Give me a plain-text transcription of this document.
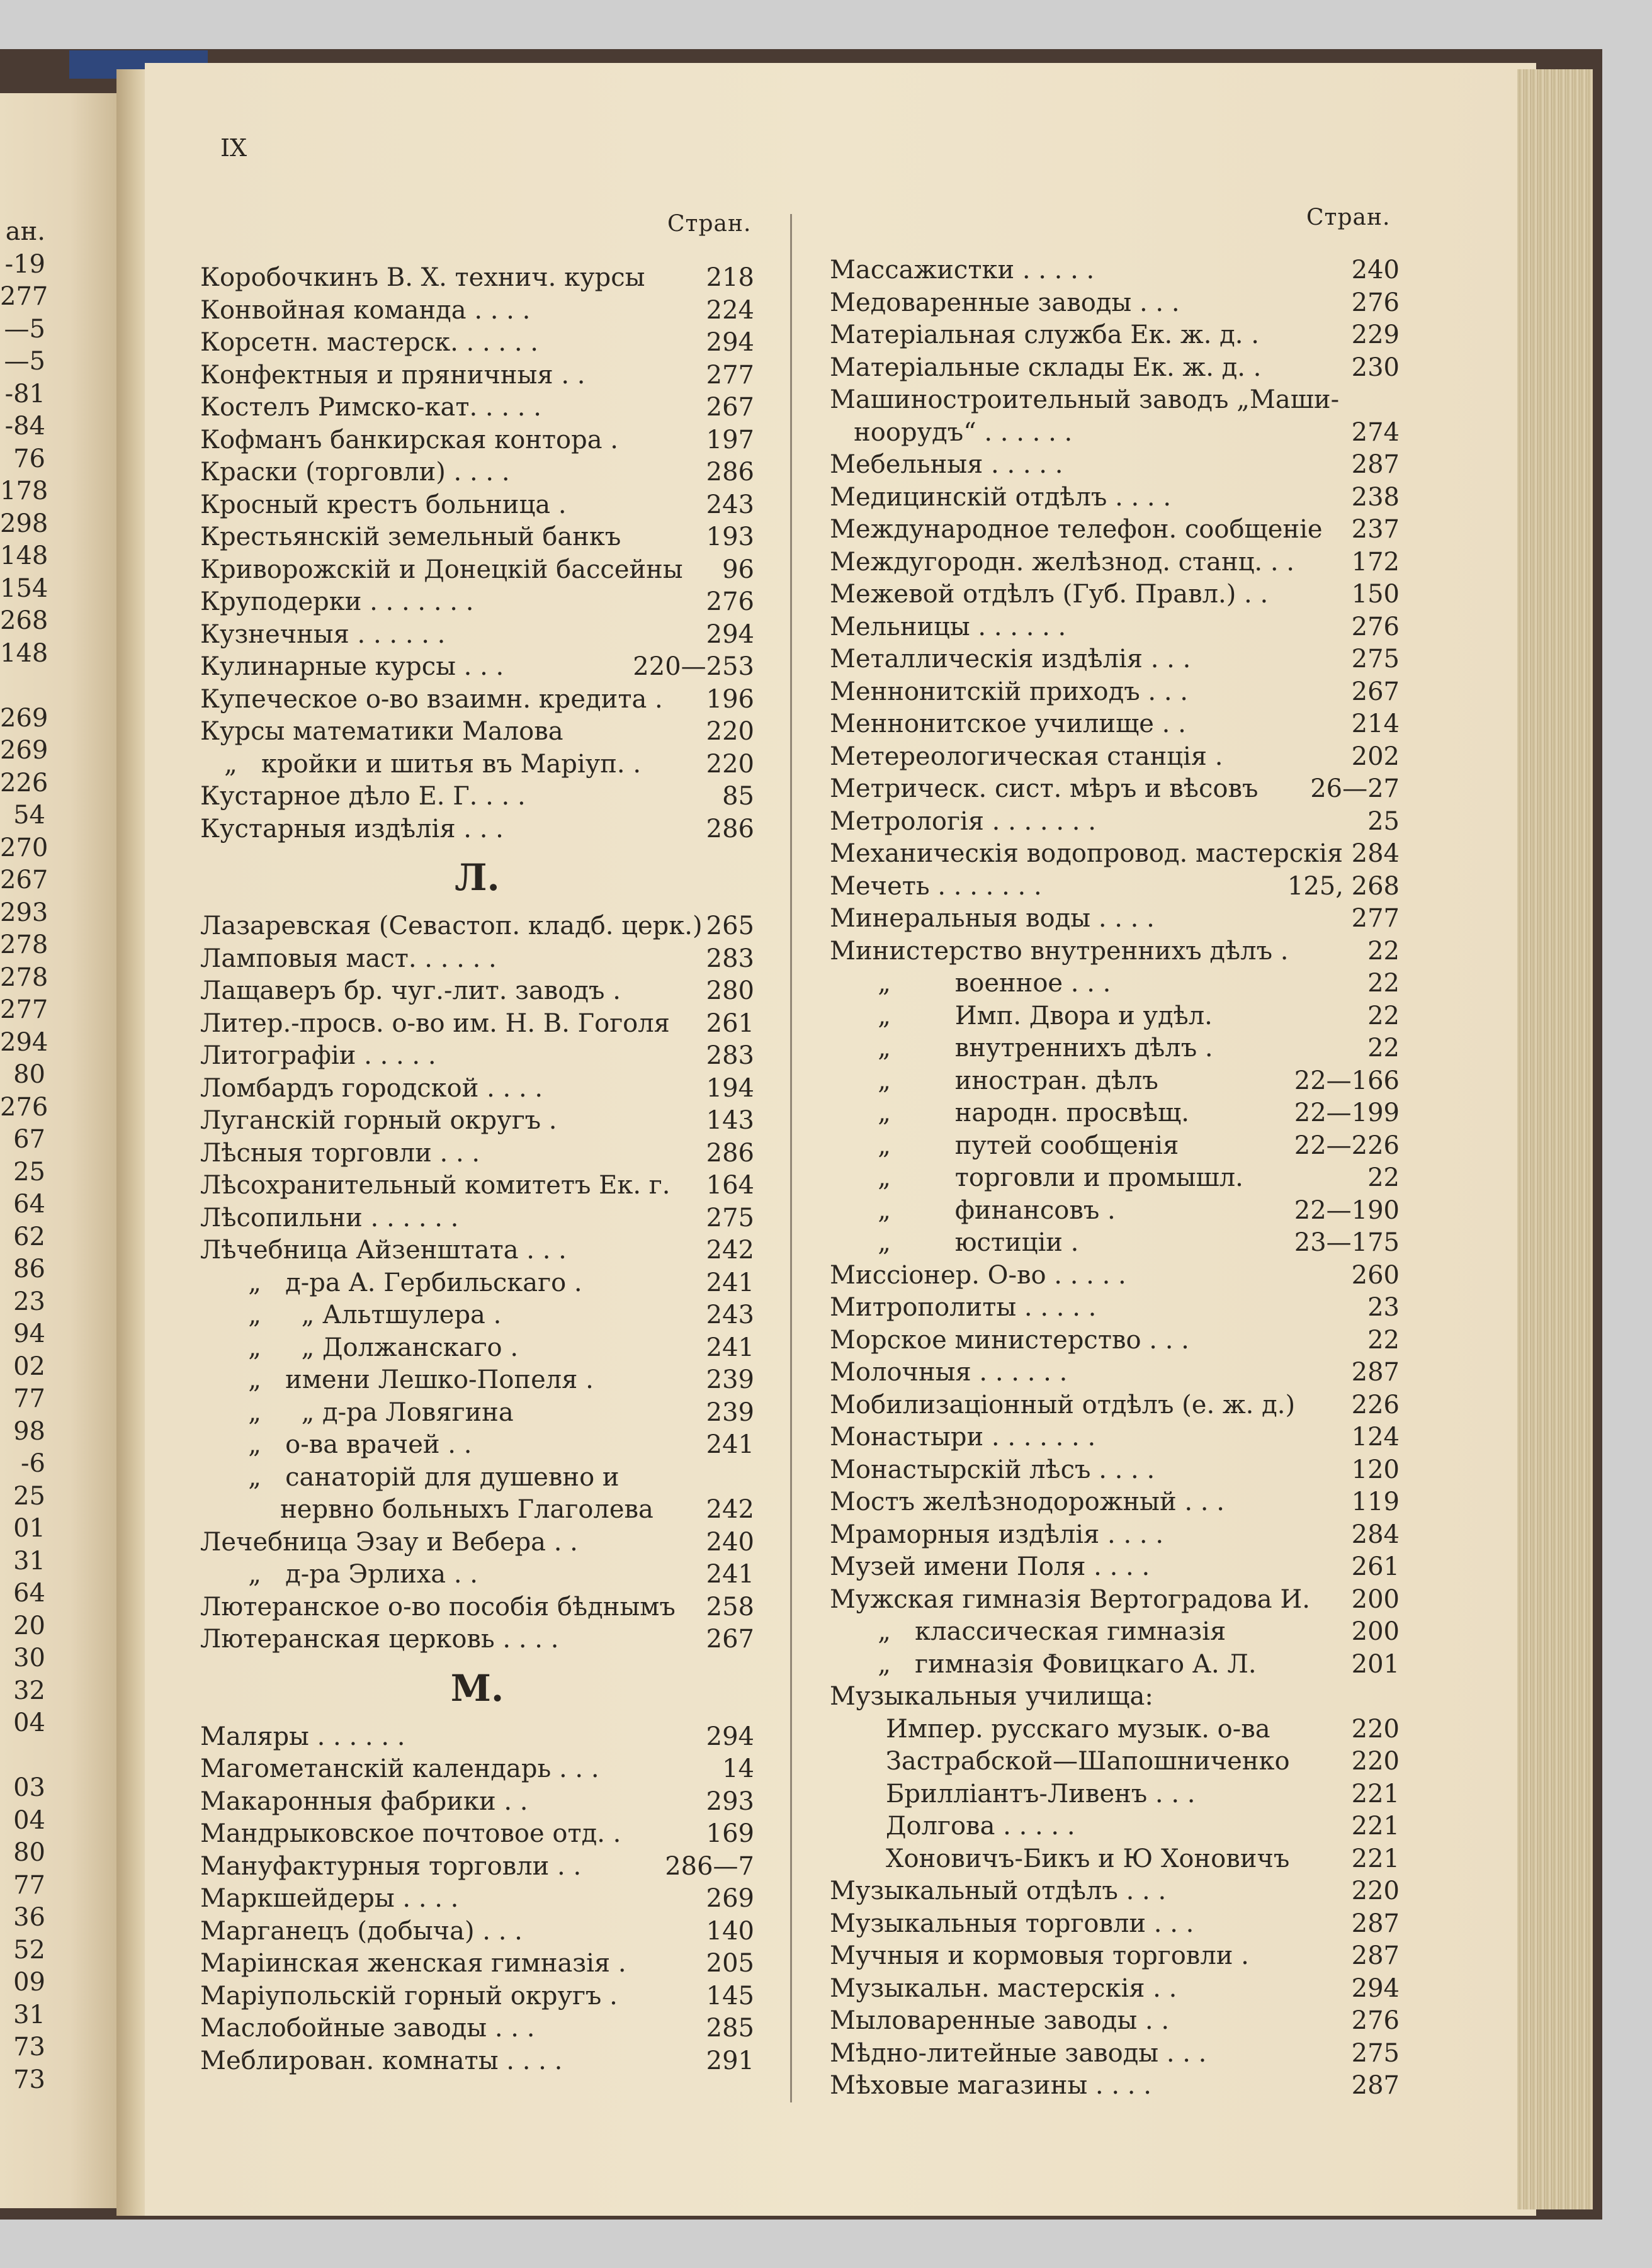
ан.
-19
277
—5
—5
-81
-84
76
178
298
148
154
268
148
269
269
226
54
270
267
293
278
278
277
294
80
276
67
25
64
62
86
23
94
02
77
98
-6
25
01
31
64
20
30
32
04
03
04
80
77
36
52
09
31
73
73
IX
Стран.	Стран.
Коробочкинъ В. Х. технич. курсы	218
Конвойная команда . . . .	224
Корсетн. мастерск. . . . . .	294
Конфектныя и пряничныя . .	277
Костелъ Римско-кат. . . . .	267
Кофманъ банкирская контора .	197
Краски (торговли) . . . .	286
Кросный крестъ больница .	243
Крестьянскій земельный банкъ	193
Криворожскій и Донецкій бассейны	96
Круподерки . . . . . . .	276
Кузнечныя . . . . . .	294
Кулинарные курсы . . .	220—253
Купеческое о-во взаимн. кредита .	196
Курсы математики Малова	220
„   кройки и шитья въ Маріуп. .	220
Кустарное дѣло Е. Г. . . .	85
Кустарныя издѣлія . . .	286
Л.
Лазаревская (Севастоп. кладб. церк.) 265
Ламповыя маст. . . . . .	283
Лащаверъ бр. чуг.-лит. заводъ .	280
Литер.-просв. о-во им. Н. В. Гоголя	261
Литографіи . . . . .	283
Ломбардъ городской . . . .	194
Луганскій горный округъ .	143
Лѣсныя торговли . . .	286
Лѣсохранительный комитетъ Ек. г.	164
Лѣсопильни . . . . . .	275
Лѣчебница Айзенштата . . .	242
„   д-ра А. Гербильскаго .	241
„     „ Альтшулера .	243
„     „ Должанскаго .	241
„   имени Лешко-Попеля .	239
„     „ д-ра Ловягина	239
„   о-ва врачей . .	241
„   санаторій для душевно и
нервно больныхъ Глаголева	242
Лечебница Эзау и Вебера . .	240
„   д-ра Эрлиха . .	241
Лютеранское о-во пособія бѣднымъ	258
Лютеранская церковь . . . .	267
М.
Маляры . . . . . .	294
Магометанскій календарь . . .	14
Макаронныя фабрики . .	293
Мандрыковское почтовое отд. .	169
Мануфактурныя торговли . .	286—7
Маркшейдеры . . . .	269
Марганецъ (добыча) . . .	140
Маріинская женская гимназія .	205
Маріупольскій горный округъ .	145
Маслобойные заводы . . .	285
Меблирован. комнаты . . . .	291
Массажистки . . . . .	240
Медоваренные заводы . . .	276
Матеріальная служба Ек. ж. д. .	229
Матеріальные склады Ек. ж. д. .	230
Машиностроительный заводъ „Маши-
ноорудъ“ . . . . . .	274
Мебельныя . . . . .	287
Медицинскій отдѣлъ . . . .	238
Международное телефон. сообщеніе	237
Междугородн. желѣзнод. станц. . .	172
Межевой отдѣлъ (Губ. Правл.) . .	150
Мельницы . . . . . .	276
Металлическія издѣлія . . .	275
Меннонитскій приходъ . . .	267
Меннонитское училище . .	214
Метереологическая станція .	202
Метрическ. сист. мѣръ и вѣсовъ	26—27
Метрологія . . . . . . .	25
Механическія водопровод. мастерскія 284
Мечеть . . . . . . .	125, 268
Минеральныя воды . . . .	277
Министерство внутреннихъ дѣлъ .	22
„        военное . . .	22
„        Имп. Двора и удѣл.	22
„        внутреннихъ дѣлъ .	22
„        иностран. дѣлъ	22—166
„        народн. просвѣщ.	22—199
„        путей сообщенія	22—226
„        торговли и промышл.	22
„        финансовъ .	22—190
„        юстиціи .	23—175
Миссіонер. О-во . . . . .	260
Митрополиты . . . . .	23
Морское министерство . . .	22
Молочныя . . . . . .	287
Мобилизаціонный отдѣлъ (е. ж. д.)	226
Монастыри . . . . . . .	124
Монастырскій лѣсъ . . . .	120
Мостъ желѣзнодорожный . . .	119
Мраморныя издѣлія . . . .	284
Музей имени Поля . . . .	261
Мужская гимназія Вертоградова И.	200
„   классическая гимназія	200
„   гимназія Фовицкаго А. Л.	201
Музыкальныя училища:
Импер. русскаго музык. о-ва	220
Застрабской—Шапошниченко	220
Бриллiантъ-Ливенъ . . .	221
Долгова . . . . .	221
Хоновичъ-Бикъ и Ю Хоновичъ	221
Музыкальный отдѣлъ . . .	220
Музыкальныя торговли . . .	287
Мучныя и кормовыя торговли .	287
Музыкальн. мастерскія . .	294
Мыловаренные заводы . .	276
Мѣдно-литейные заводы . . .	275
Мѣховые магазины . . . .	287
